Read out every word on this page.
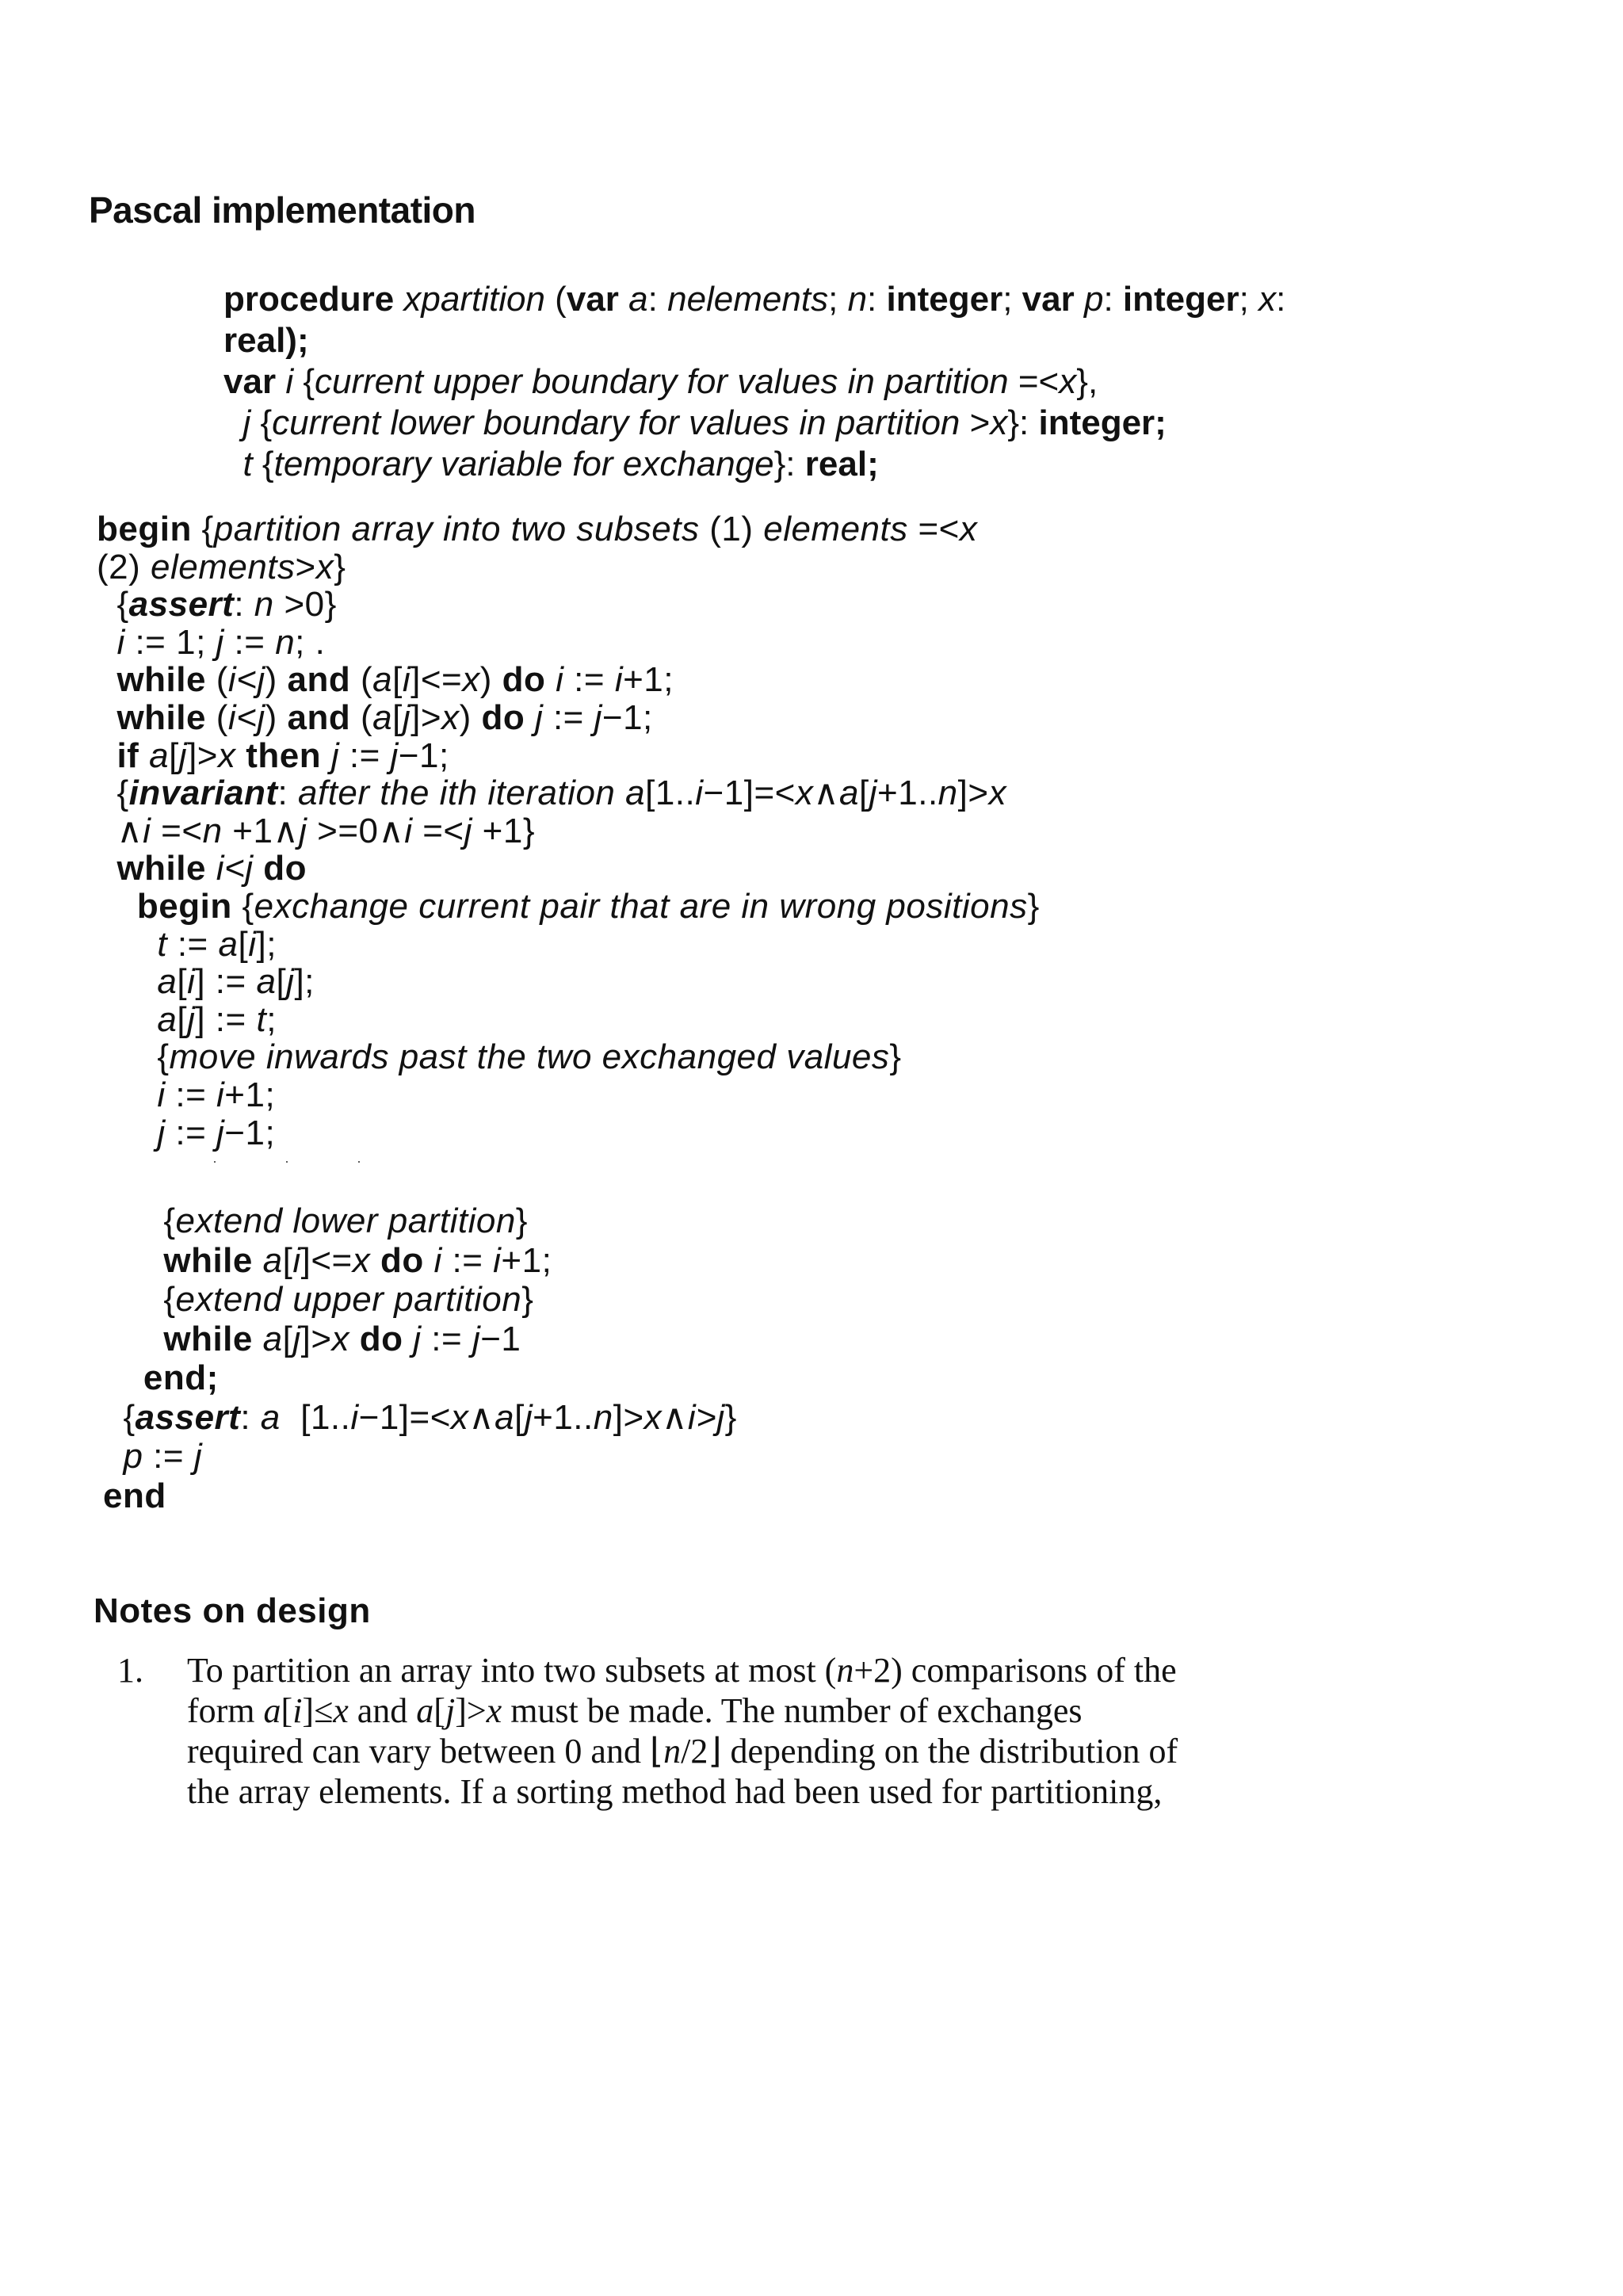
Pascal implementation
procedure xpartition (var a: nelements; n: integer; var p: integer; x:
real);
var i {current upper boundary for values in partition =<x},
j {current lower boundary for values in partition >x}: integer;
t {temporary variable for exchange}: real;
begin {partition array into two subsets (1) elements =<x
(2) elements>x}
{assert: n >0}
i := 1; j := n; .
while (i<j) and (a[i]<=x) do i := i+1;
while (i<j) and (a[j]>x) do j := j−1;
if a[j]>x then j := j−1;
{invariant: after the ith iteration a[1..i−1]=<x∧a[j+1..n]>x
∧i =<n +1∧j >=0∧i =<j +1}
while i<j do
begin {exchange current pair that are in wrong positions}
t := a[i];
a[i] := a[j];
a[j] := t;
{move inwards past the two exchanged values}
i := i+1;
j := j−1;
· · ·
{extend lower partition}
while a[i]<=x do i := i+1;
{extend upper partition}
while a[j]>x do j := j−1
end;
{assert: a  [1..i−1]=<x∧a[j+1..n]>x∧i>j}
p := j
end
Notes on design
1. To partition an array into two subsets at most (n+2) comparisons of the
form a[i]≤x and a[j]>x must be made. The number of exchanges
required can vary between 0 and ⌊n/2⌋ depending on the distribution of
the array elements. If a sorting method had been used for partitioning,
